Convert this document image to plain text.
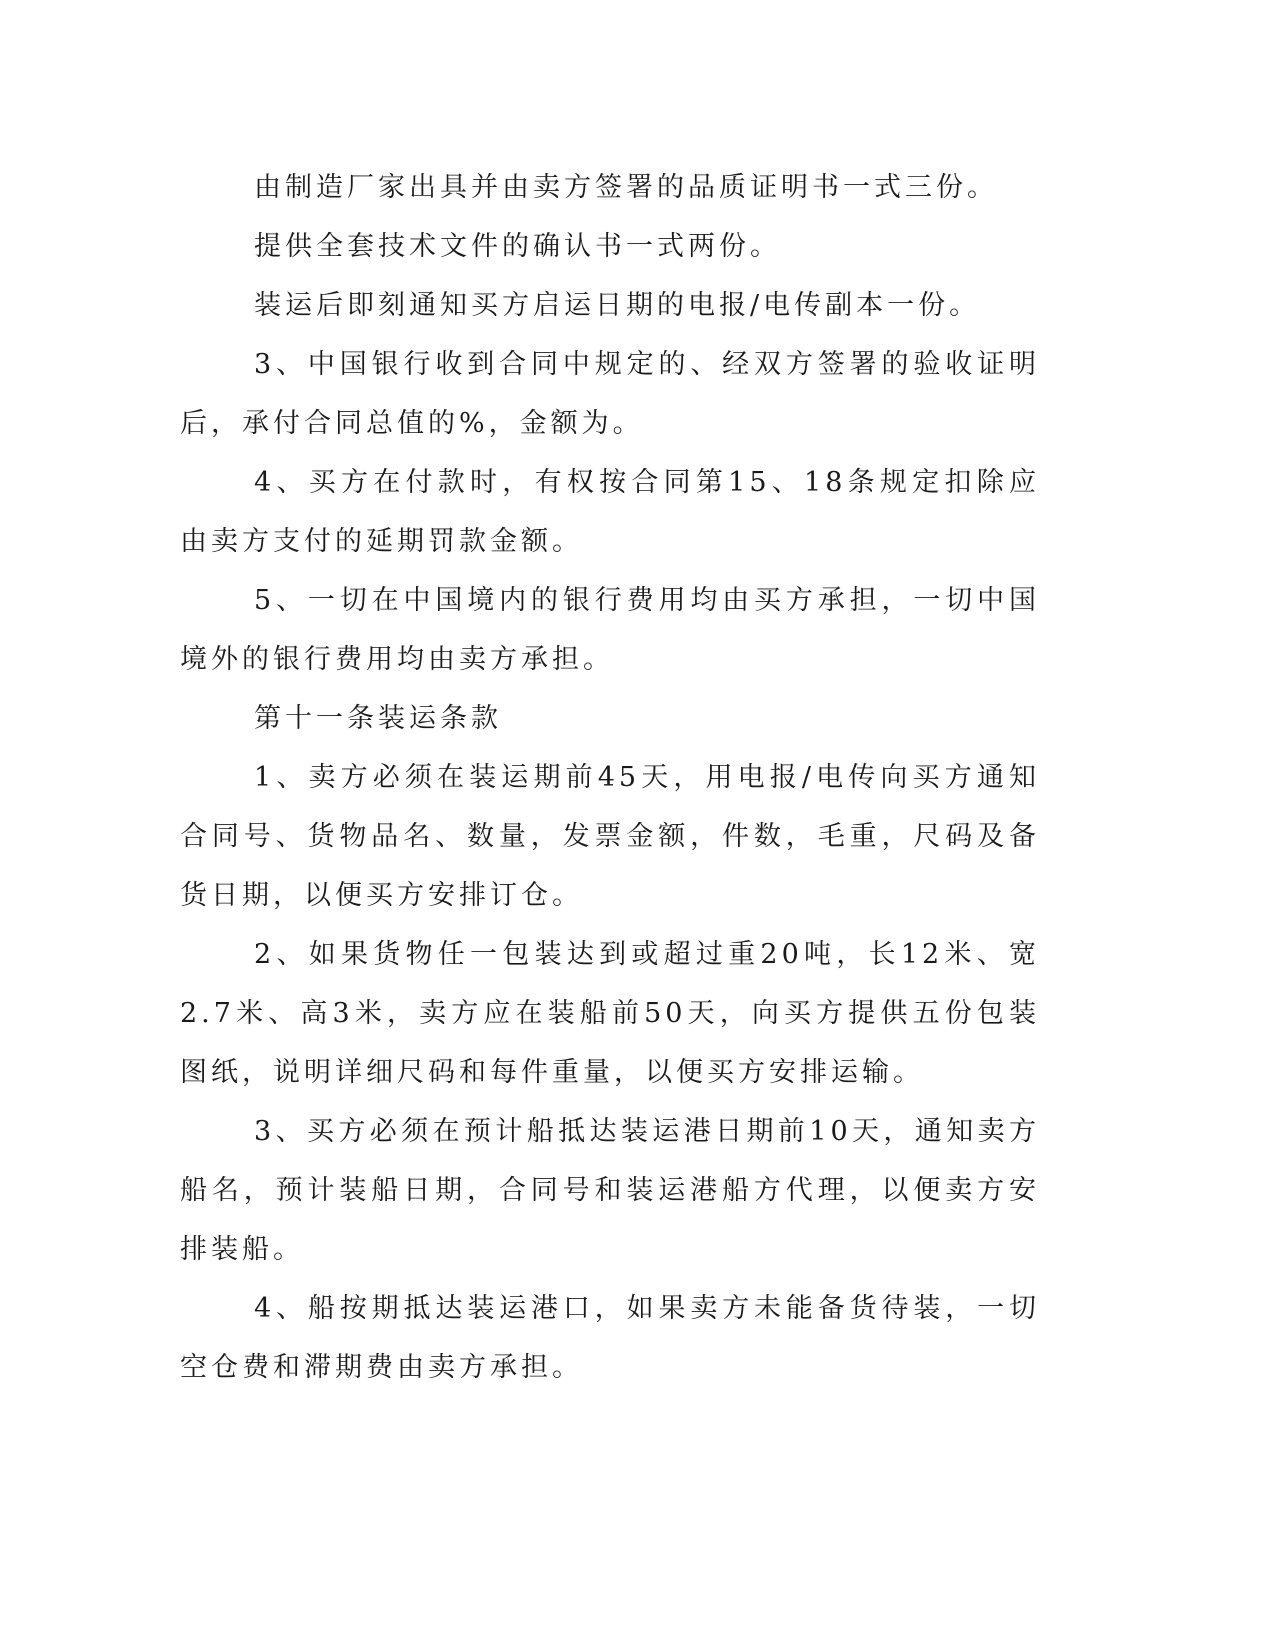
由制造厂家出具并由卖方签署的品质证明书一式三份。

提供全套技术文件的确认书一式两份。

装运后即刻通知买方启运日期的电报/电传副本一份。

3、中国银行收到合同中规定的、经双方签署的验收证明后，承付合同总值的%，金额为。

4、买方在付款时，有权按合同第15、18条规定扣除应由卖方支付的延期罚款金额。

5、一切在中国境内的银行费用均由买方承担，一切中国境外的银行费用均由卖方承担。

第十一条装运条款

1、卖方必须在装运期前45天，用电报/电传向买方通知合同号、货物品名、数量，发票金额，件数，毛重，尺码及备货日期，以便买方安排订仓。

2、如果货物任一包装达到或超过重20吨，长12米、宽2.7米、高3米，卖方应在装船前50天，向买方提供五份包装图纸，说明详细尺码和每件重量，以便买方安排运输。

3、买方必须在预计船抵达装运港日期前10天，通知卖方船名，预计装船日期，合同号和装运港船方代理，以便卖方安排装船。

4、船按期抵达装运港口，如果卖方未能备货待装，一切空仓费和滞期费由卖方承担。
